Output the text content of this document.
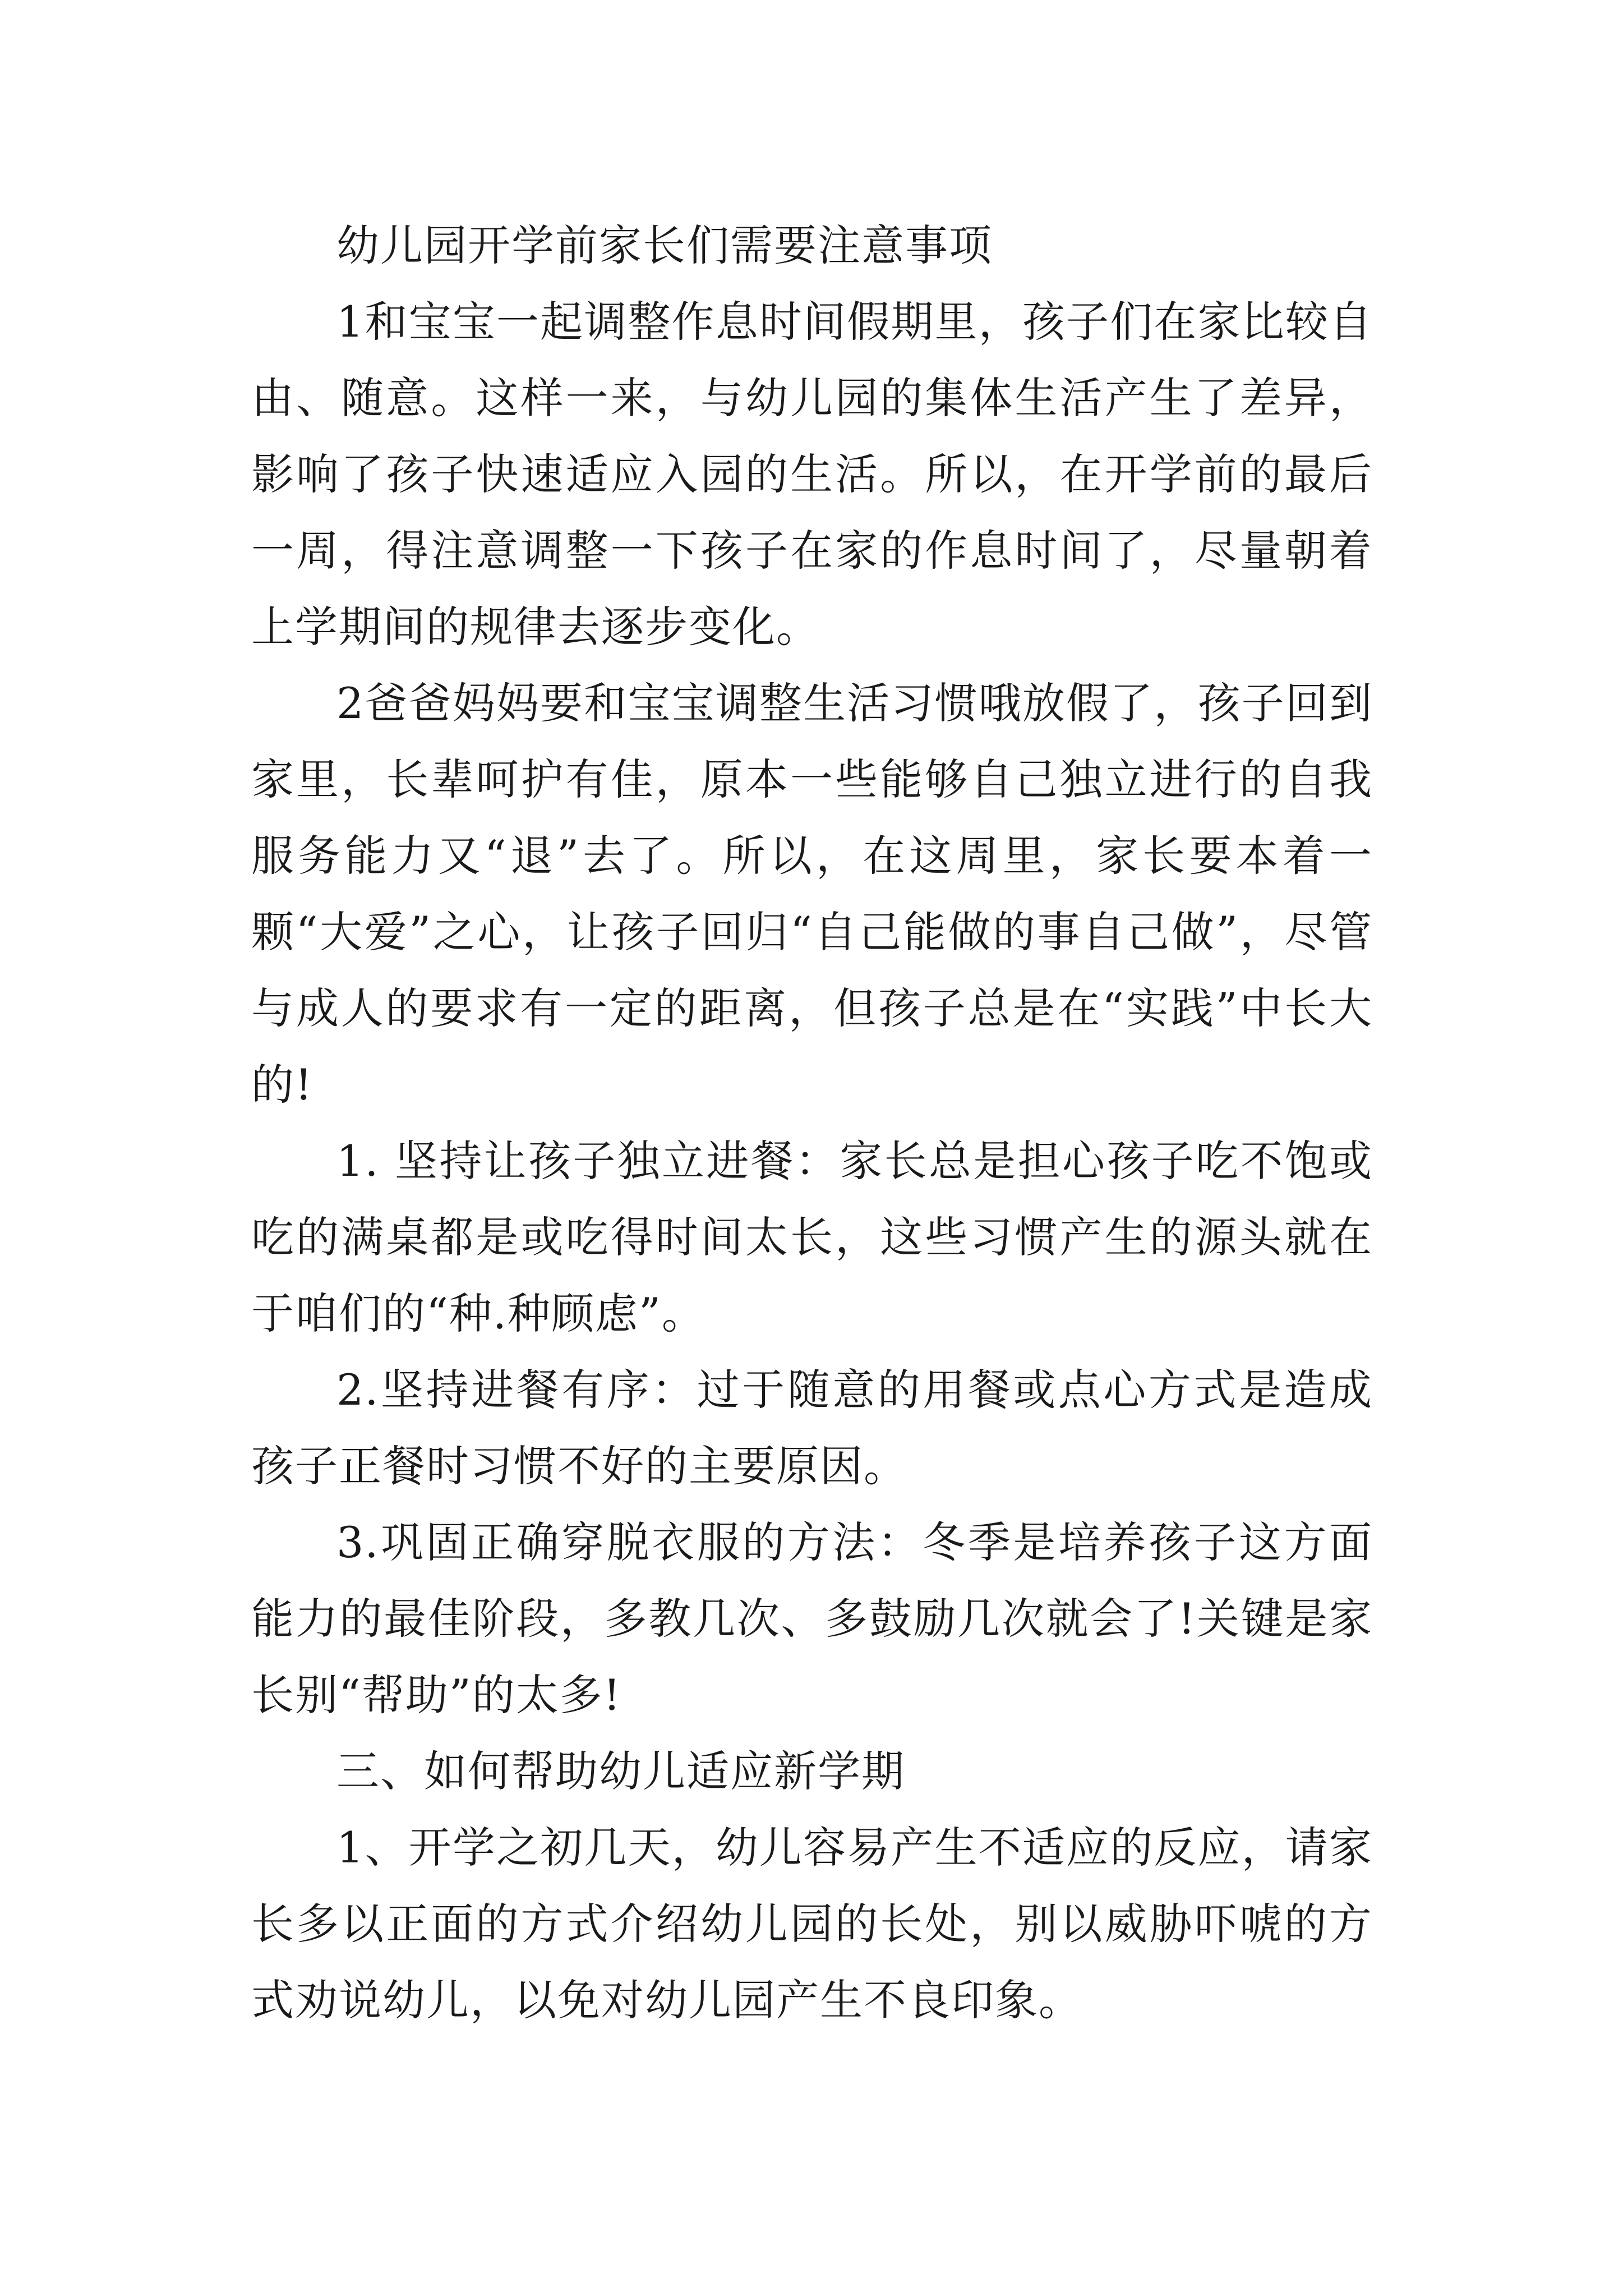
幼儿园开学前家长们需要注意事项

1和宝宝一起调整作息时间假期里，孩子们在家比较自由、随意。这样一来，与幼儿园的集体生活产生了差异，影响了孩子快速适应入园的生活。所以，在开学前的最后一周，得注意调整一下孩子在家的作息时间了，尽量朝着上学期间的规律去逐步变化。

2爸爸妈妈要和宝宝调整生活习惯哦放假了，孩子回到家里，长辈呵护有佳，原本一些能够自己独立进行的自我服务能力又“退”去了。所以，在这周里，家长要本着一颗“大爱”之心，让孩子回归“自己能做的事自己做”，尽管与成人的要求有一定的距离，但孩子总是在“实践”中长大的!

1. 坚持让孩子独立进餐：家长总是担心孩子吃不饱或吃的满桌都是或吃得时间太长，这些习惯产生的源头就在于咱们的“种.种顾虑”。

2.坚持进餐有序：过于随意的用餐或点心方式是造成孩子正餐时习惯不好的主要原因。

3.巩固正确穿脱衣服的方法：冬季是培养孩子这方面能力的最佳阶段，多教几次、多鼓励几次就会了!关键是家长别“帮助”的太多!

三、如何帮助幼儿适应新学期

1、开学之初几天，幼儿容易产生不适应的反应，请家长多以正面的方式介绍幼儿园的长处，别以威胁吓唬的方式劝说幼儿，以免对幼儿园产生不良印象。
